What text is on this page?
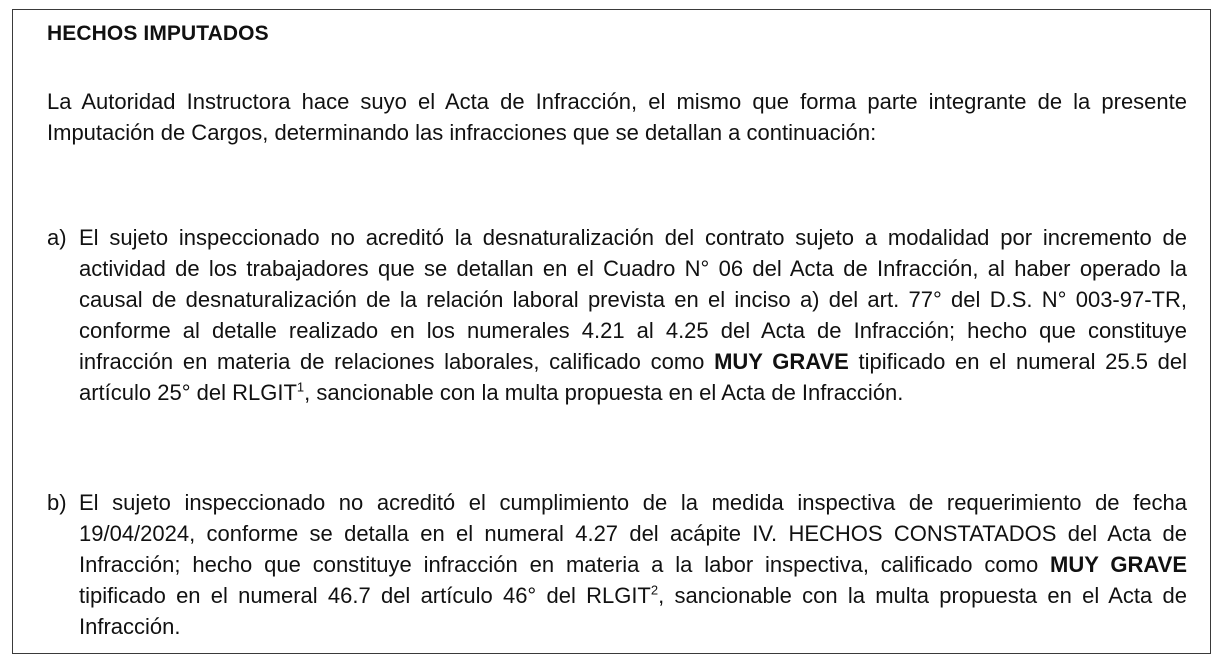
HECHOS IMPUTADOS
La Autoridad Instructora hace suyo el Acta de Infracción, el mismo que forma parte integrante de la presente Imputación de Cargos, determinando las infracciones que se detallan a continuación:
a) El sujeto inspeccionado no acreditó la desnaturalización del contrato sujeto a modalidad por incremento de actividad de los trabajadores que se detallan en el Cuadro N° 06 del Acta de Infracción, al haber operado la causal de desnaturalización de la relación laboral prevista en el inciso a) del art. 77° del D.S. N° 003-97-TR, conforme al detalle realizado en los numerales 4.21 al 4.25 del Acta de Infracción; hecho que constituye infracción en materia de relaciones laborales, calificado como MUY GRAVE tipificado en el numeral 25.5 del artículo 25° del RLGIT$^1$, sancionable con la multa propuesta en el Acta de Infracción.
b) El sujeto inspeccionado no acreditó el cumplimiento de la medida inspectiva de requerimiento de fecha 19/04/2024, conforme se detalla en el numeral 4.27 del acápite IV. HECHOS CONSTATADOS del Acta de Infracción; hecho que constituye infracción en materia a la labor inspectiva, calificado como MUY GRAVE tipificado en el numeral 46.7 del artículo 46° del RLGIT$^2$, sancionable con la multa propuesta en el Acta de Infracción.
